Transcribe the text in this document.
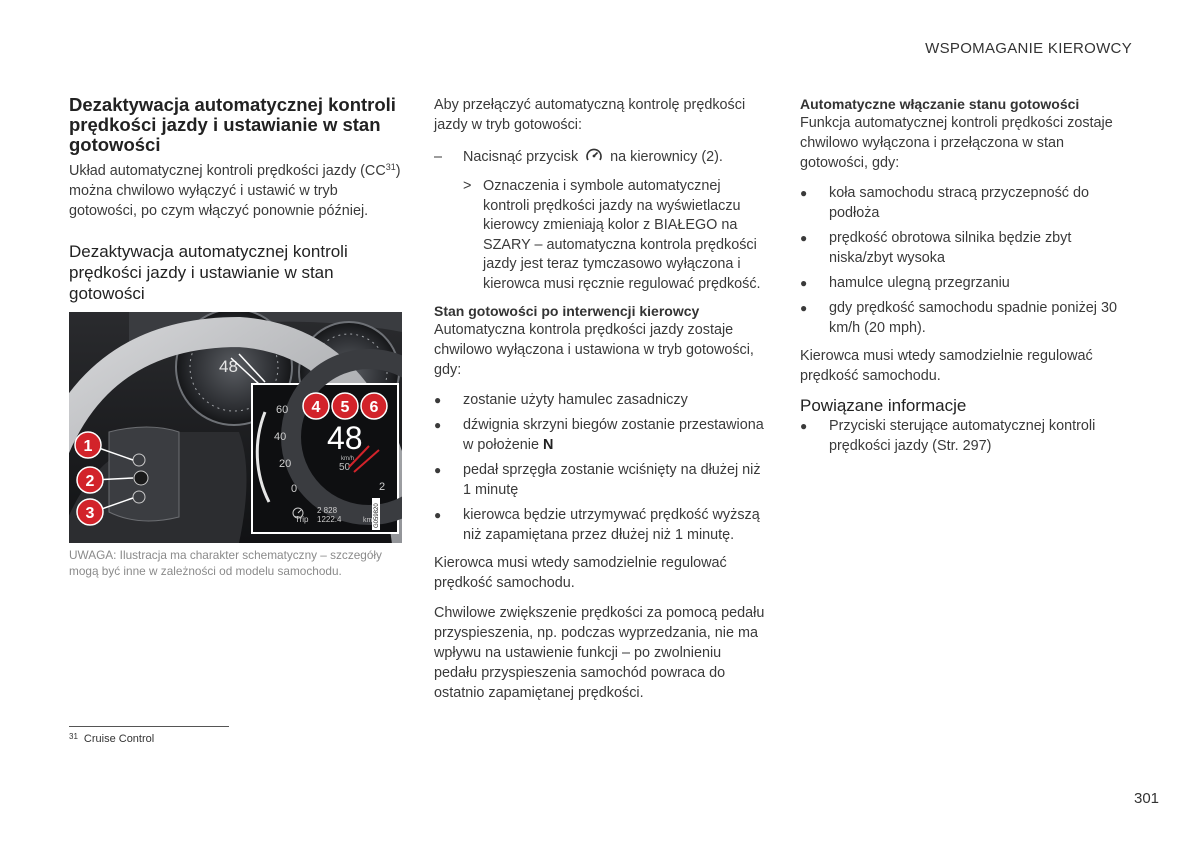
WSPOMAGANIE KIEROWCY
Dezaktywacja automatycznej kontroli prędkości jazdy i ustawianie w stan gotowości

Układ automatycznej kontroli prędkości jazdy (CC$^{31}$) można chwilowo wyłączyć i ustawić w tryb gotowości, po czym włączyć ponownie później.

Dezaktywacja automatycznej kontroli prędkości jazdy i ustawianie w stan gotowości
48	5
60
40
20
0	2
48
km/h
50
2 828
Trip 1222.4	km G059820
1
2
3
4 5 6
UWAGA: Ilustracja ma charakter schematyczny – szczegóły mogą być inne w zależności od modelu samochodu.

Aby przełączyć automatyczną kontrolę prędkości jazdy w tryb gotowości:

–	Nacisnąć przycisk na kierownicy (2).
> Oznaczenia i symbole automatycznej kontroli prędkości jazdy na wyświetlaczu kierowcy zmieniają kolor z BIAŁEGO na SZARY – automatyczna kontrola prędkości jazdy jest teraz tymczasowo wyłączona i kierowca musi ręcznie regulować prędkość.
Stan gotowości po interwencji kierowcy

Automatyczna kontrola prędkości jazdy zostaje chwilowo wyłączona i ustawiona w tryb gotowości, gdy:

●	zostanie użyty hamulec zasadniczy
●	dźwignia skrzyni biegów zostanie przestawiona w położenie N
●	pedał sprzęgła zostanie wciśnięty na dłużej niż 1 minutę
●	kierowca będzie utrzymywać prędkość wyższą niż zapamiętana przez dłużej niż 1 minutę.

Kierowca musi wtedy samodzielnie regulować prędkość samochodu.

Chwilowe zwiększenie prędkości za pomocą pedału przyspieszenia, np. podczas wyprzedzania, nie ma wpływu na ustawienie funkcji – po zwolnieniu pedału przyspieszenia samochód powraca do ostatnio zapamiętanej prędkości.

Automatyczne włączanie stanu gotowości

Funkcja automatycznej kontroli prędkości zostaje chwilowo wyłączona i przełączona w stan gotowości, gdy:

●	koła samochodu stracą przyczepność do podłoża
●	prędkość obrotowa silnika będzie zbyt niska/zbyt wysoka
●	hamulce ulegną przegrzaniu
●	gdy prędkość samochodu spadnie poniżej 30 km/h (20 mph).

Kierowca musi wtedy samodzielnie regulować prędkość samochodu.

Powiązane informacje
●	Przyciski sterujące automatycznej kontroli prędkości jazdy (Str. 297)
$^{31}$ Cruise Control
301
